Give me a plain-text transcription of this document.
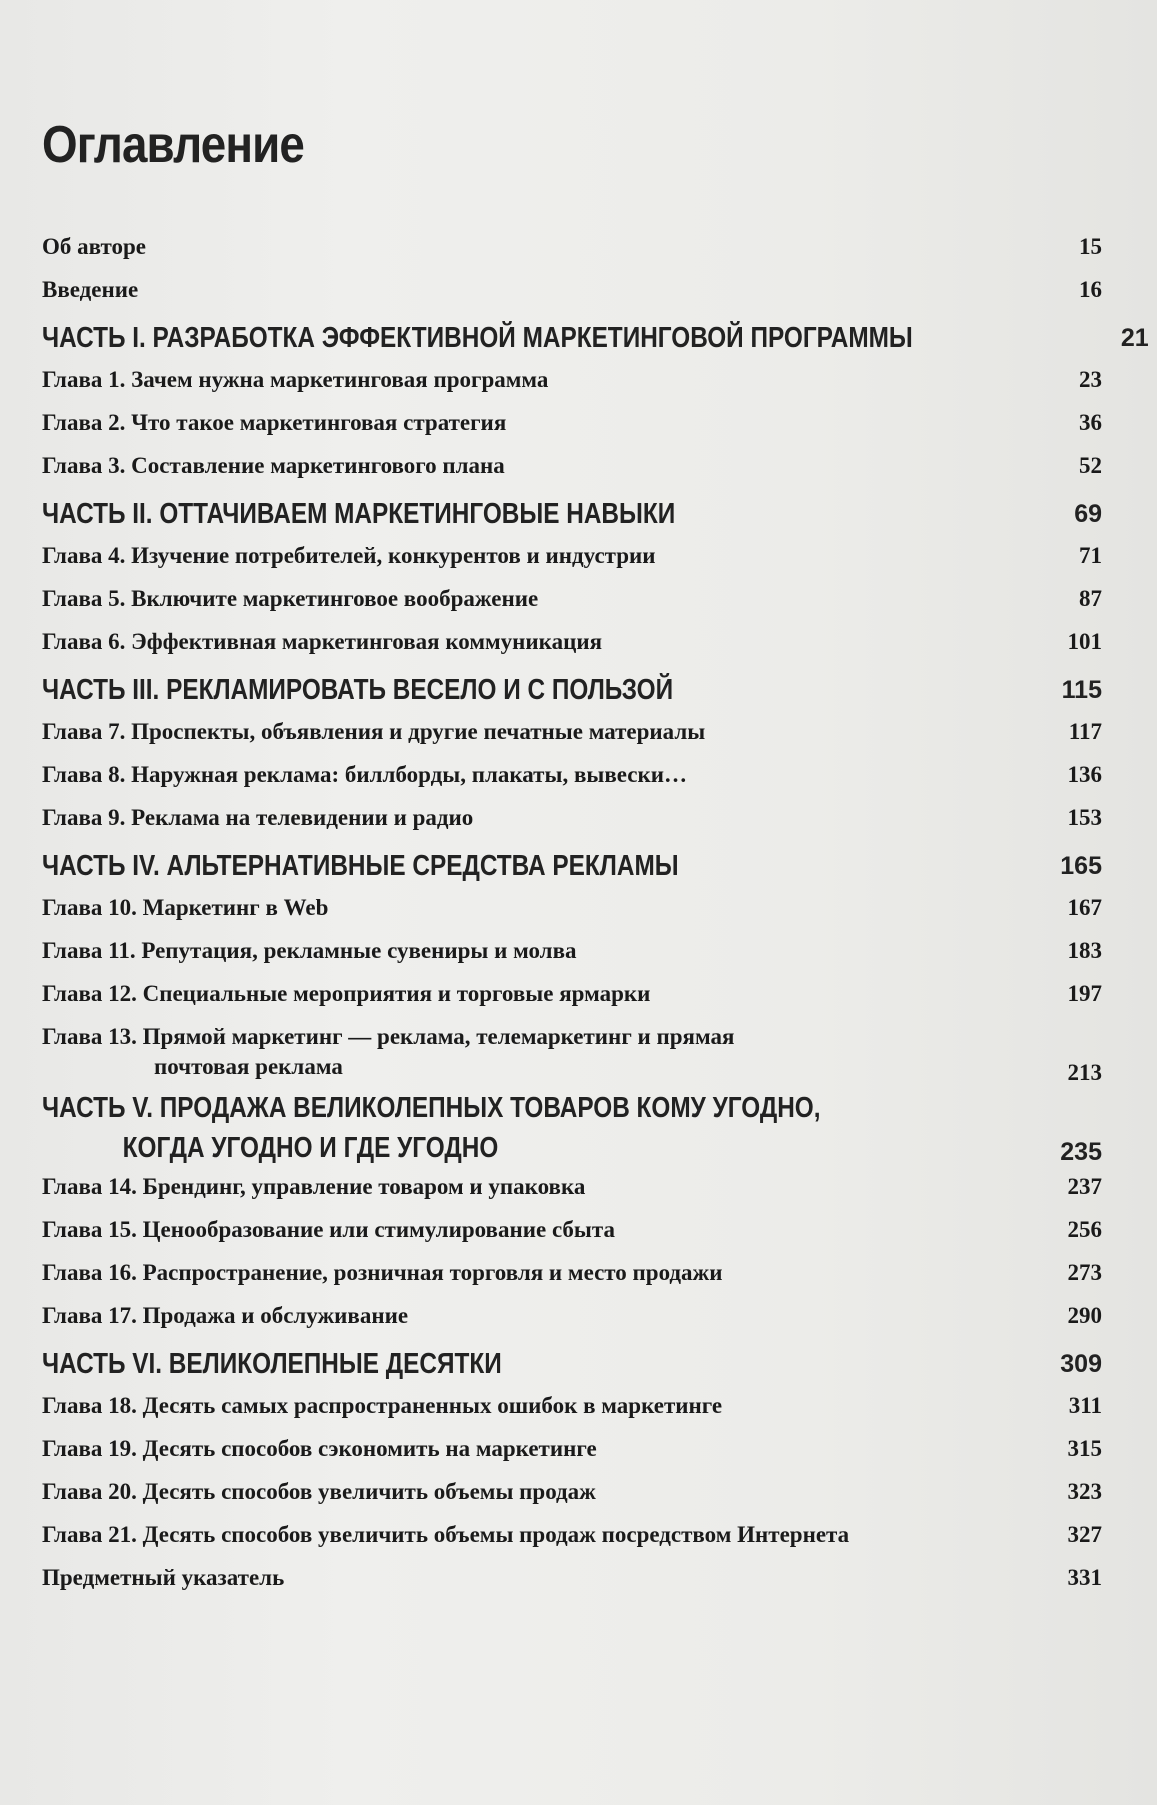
Оглавление
Об авторе	15
Введение	16
ЧАСТЬ I. РАЗРАБОТКА ЭФФЕКТИВНОЙ МАРКЕТИНГОВОЙ ПРОГРАММЫ	21
Глава 1. Зачем нужна маркетинговая программа	23
Глава 2. Что такое маркетинговая стратегия	36
Глава 3. Составление маркетингового плана	52
ЧАСТЬ II. ОТТАЧИВАЕМ МАРКЕТИНГОВЫЕ НАВЫКИ	69
Глава 4. Изучение потребителей, конкурентов и индустрии	71
Глава 5. Включите маркетинговое воображение	87
Глава 6. Эффективная маркетинговая коммуникация	101
ЧАСТЬ III. РЕКЛАМИРОВАТЬ ВЕСЕЛО И С ПОЛЬЗОЙ	115
Глава 7. Проспекты, объявления и другие печатные материалы	117
Глава 8. Наружная реклама: биллборды, плакаты, вывески…	136
Глава 9. Реклама на телевидении и радио	153
ЧАСТЬ IV. АЛЬТЕРНАТИВНЫЕ СРЕДСТВА РЕКЛАМЫ	165
Глава 10. Маркетинг в Web	167
Глава 11. Репутация, рекламные сувениры и молва	183
Глава 12. Специальные мероприятия и торговые ярмарки	197
Глава 13. Прямой маркетинг — реклама, телемаркетинг и прямая
почтовая реклама	213
ЧАСТЬ V. ПРОДАЖА ВЕЛИКОЛЕПНЫХ ТОВАРОВ КОМУ УГОДНО,
КОГДА УГОДНО И ГДЕ УГОДНО	235
Глава 14. Брендинг, управление товаром и упаковка	237
Глава 15. Ценообразование или стимулирование сбыта	256
Глава 16. Распространение, розничная торговля и место продажи	273
Глава 17. Продажа и обслуживание	290
ЧАСТЬ VI. ВЕЛИКОЛЕПНЫЕ ДЕСЯТКИ	309
Глава 18. Десять самых распространенных ошибок в маркетинге	311
Глава 19. Десять способов сэкономить на маркетинге	315
Глава 20. Десять способов увеличить объемы продаж	323
Глава 21. Десять способов увеличить объемы продаж посредством Интернета	327
Предметный указатель	331
